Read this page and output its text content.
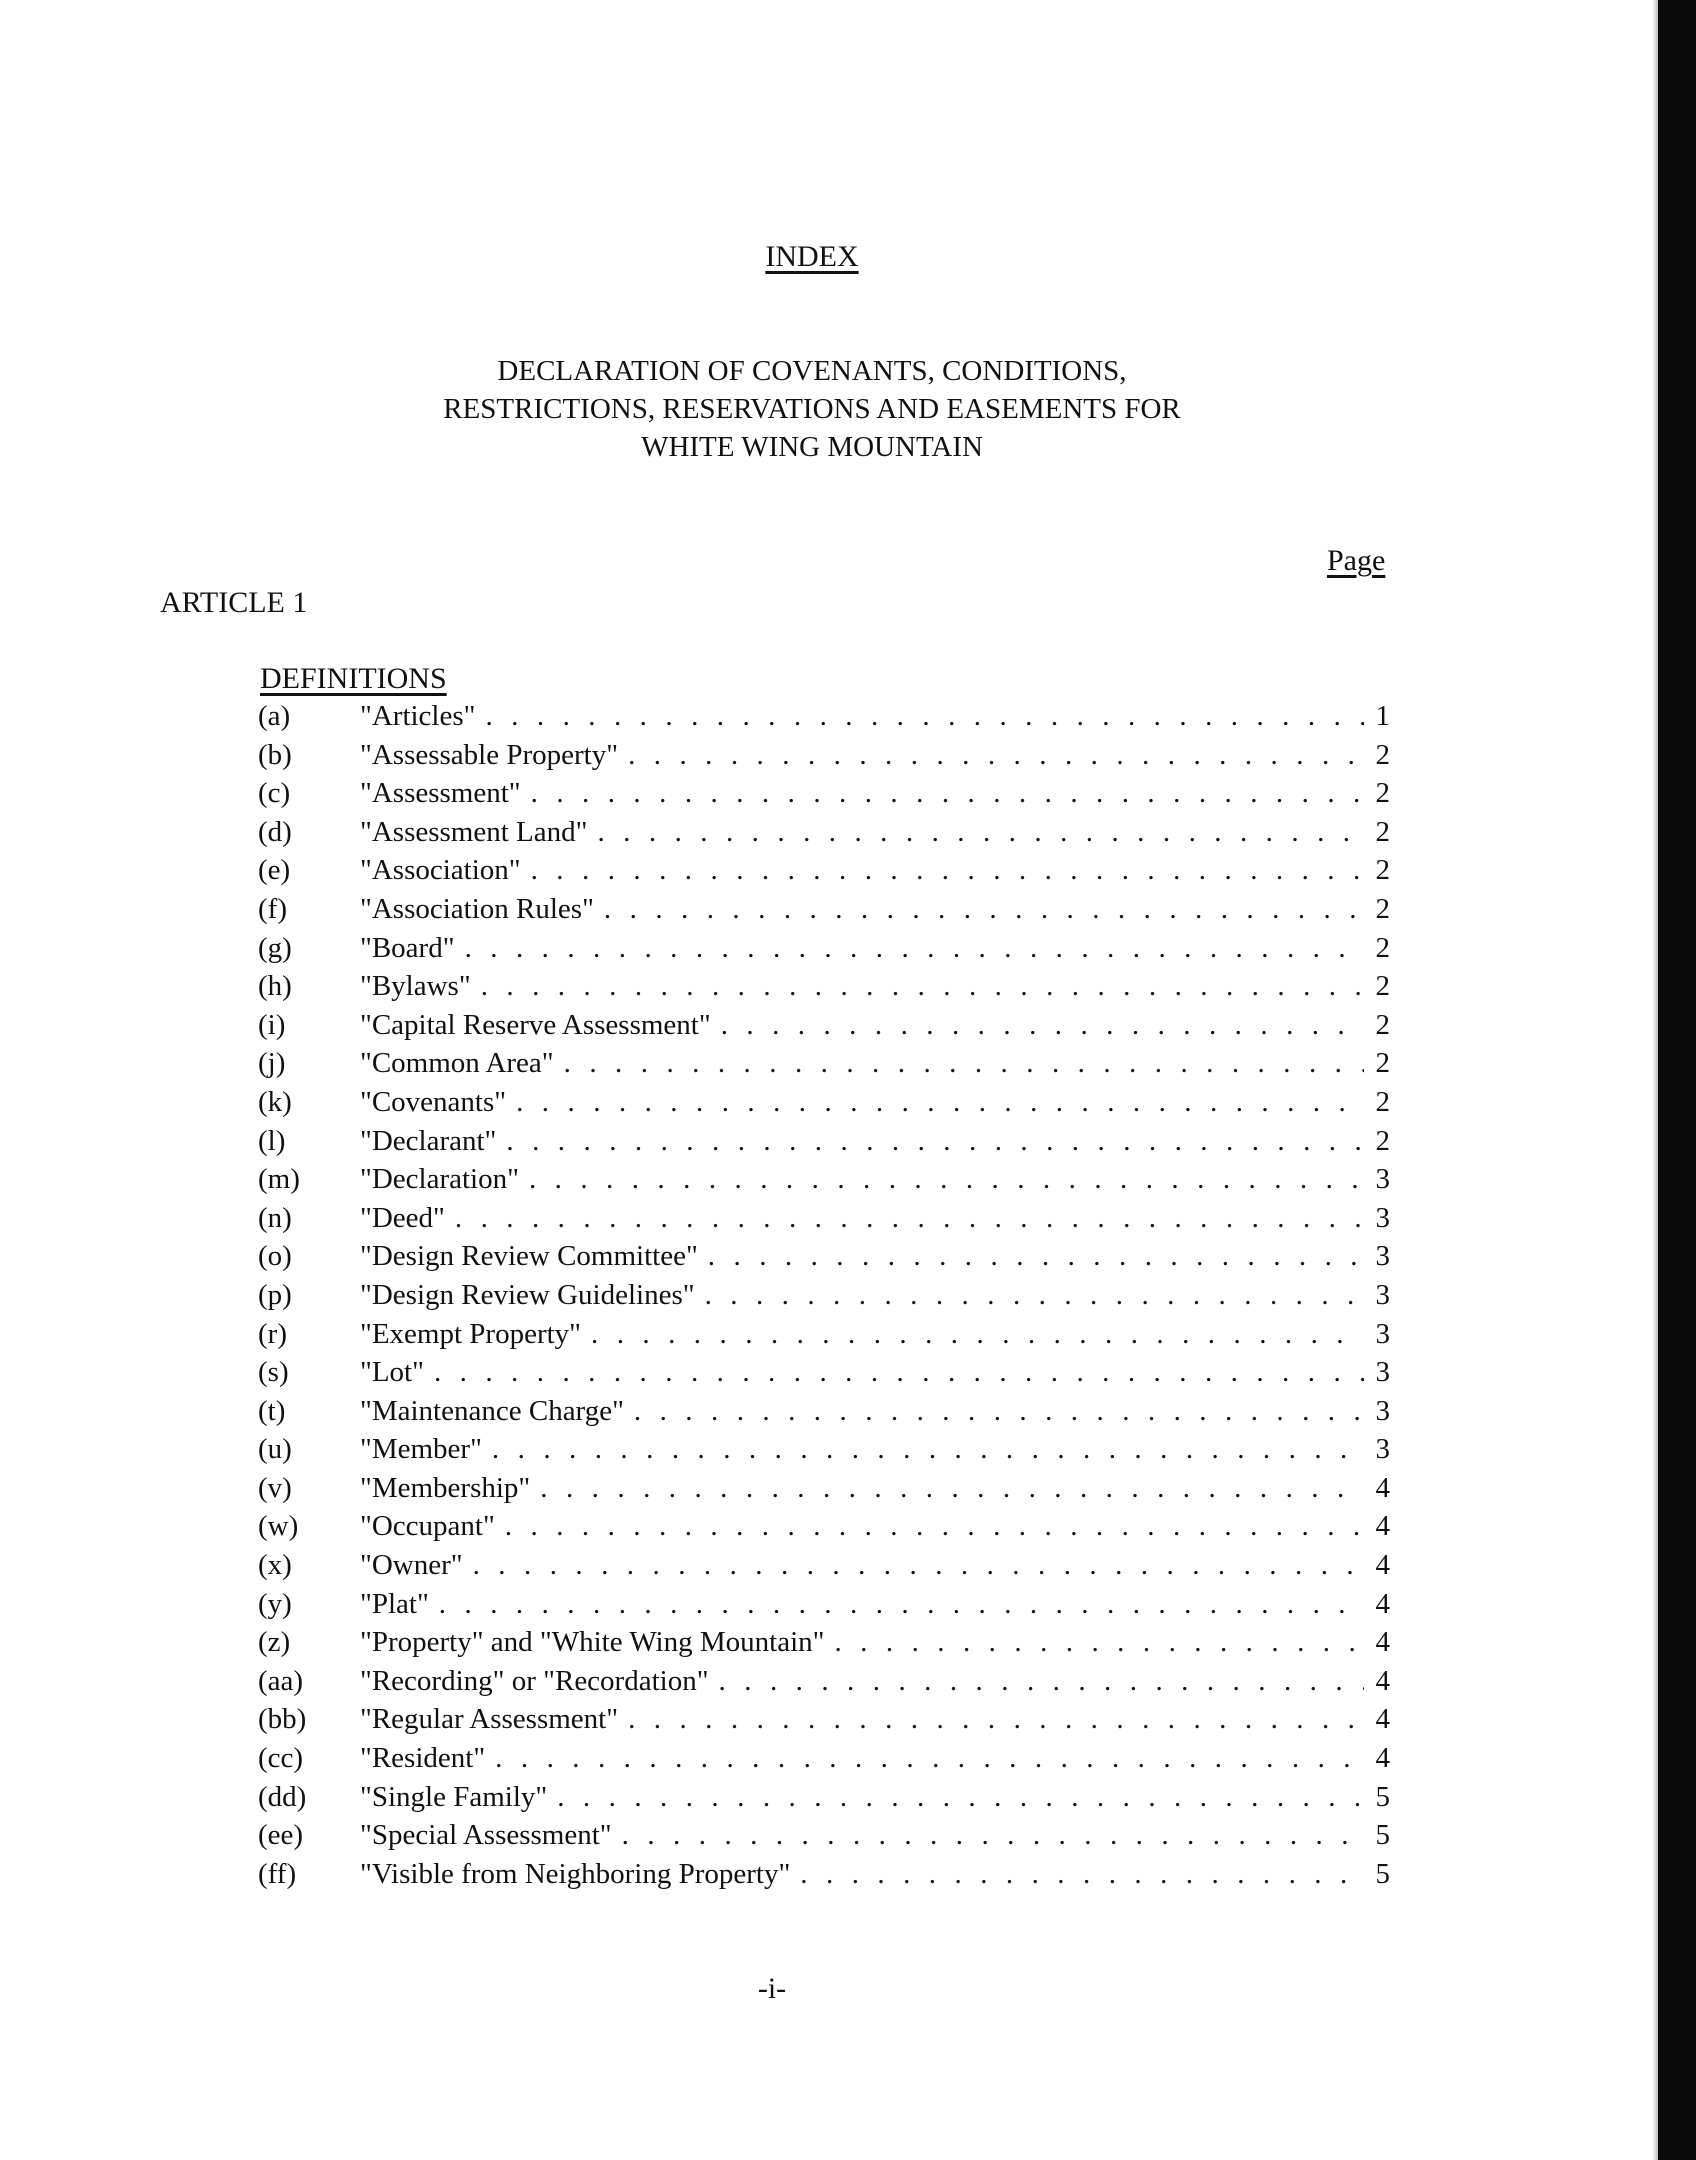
INDEX
DECLARATION OF COVENANTS, CONDITIONS,
RESTRICTIONS, RESERVATIONS AND EASEMENTS FOR
WHITE WING MOUNTAIN
Page
ARTICLE 1
DEFINITIONS
(a)	"Articles" . . .	1
(b)	"Assessable Property" . . .	2
(c)	"Assessment" . . .	2
(d)	"Assessment Land" . . .	2
(e)	"Association" . . .	2
(f)	"Association Rules" . . .	2
(g)	"Board" . . .	2
(h)	"Bylaws" . . .	2
(i)	"Capital Reserve Assessment" . . .	2
(j)	"Common Area" . . .	2
(k)	"Covenants" . . .	2
(l)	"Declarant" . . .	2
(m)	"Declaration" . . .	3
(n)	"Deed" . . .	3
(o)	"Design Review Committee" . . .	3
(p)	"Design Review Guidelines" . . .	3
(r)	"Exempt Property" . . .	3
(s)	"Lot" . . .	3
(t)	"Maintenance Charge" . . .	3
(u)	"Member" . . .	3
(v)	"Membership" . . .	4
(w)	"Occupant" . . .	4
(x)	"Owner" . . .	4
(y)	"Plat" . . .	4
(z)	"Property" and "White Wing Mountain" . . .	4
(aa)	"Recording" or "Recordation" . . .	4
(bb)	"Regular Assessment" . . .	4
(cc)	"Resident" . . .	4
(dd)	"Single Family" . . .	5
(ee)	"Special Assessment" . . .	5
(ff)	"Visible from Neighboring Property" . . .	5
-i-
